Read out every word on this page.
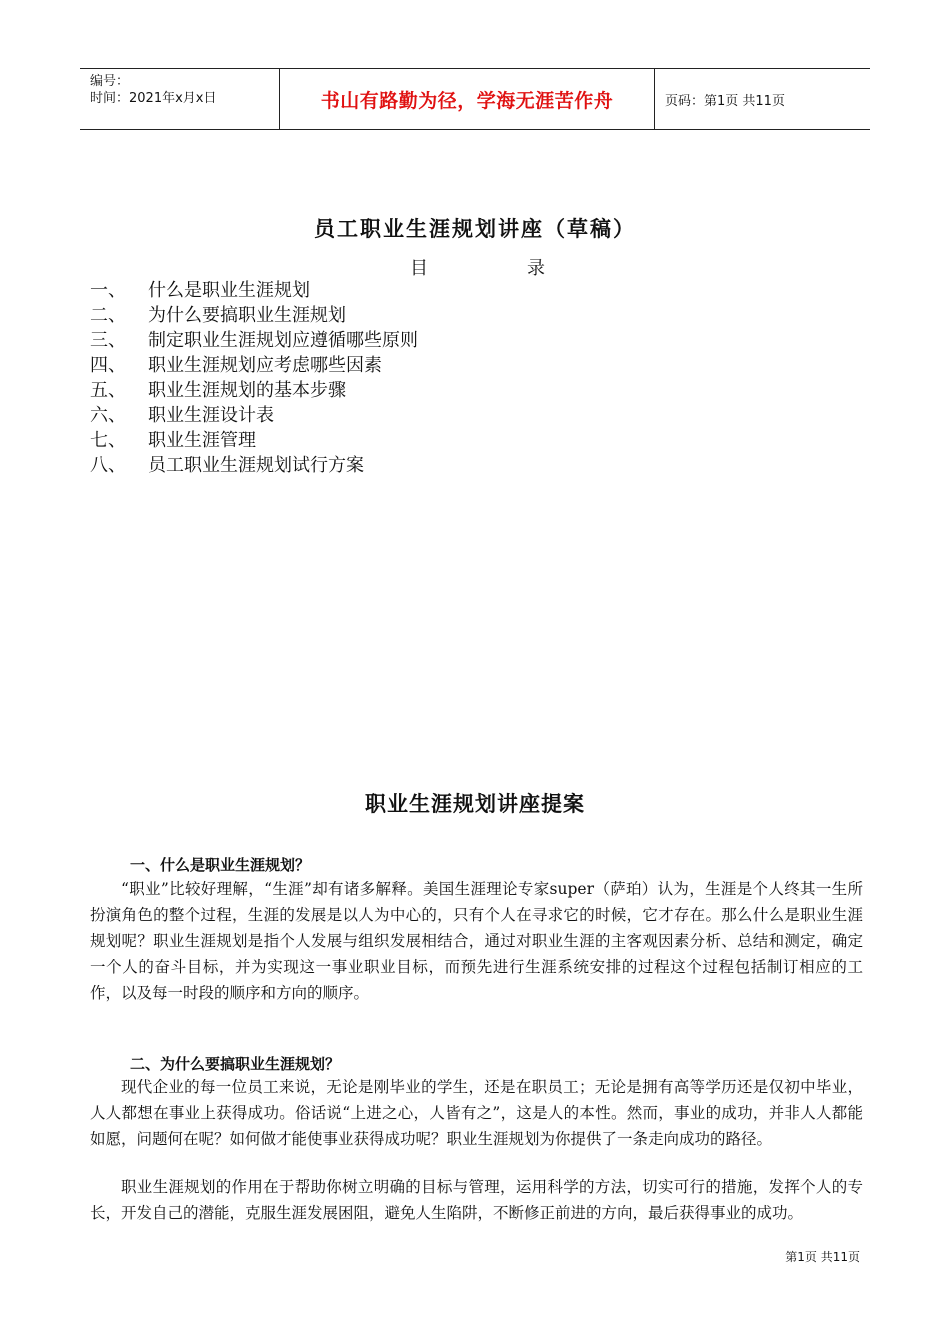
编号：
时间：2021年x月x日	书山有路勤为径，学海无涯苦作舟	页码：第1页 共11页
员工职业生涯规划讲座（草稿）
目	录
一、	什么是职业生涯规划
二、	为什么要搞职业生涯规划
三、	制定职业生涯规划应遵循哪些原则
四、	职业生涯规划应考虑哪些因素
五、	职业生涯规划的基本步骤
六、	职业生涯设计表
七、	职业生涯管理
八、	员工职业生涯规划试行方案
职业生涯规划讲座提案
一、什么是职业生涯规划？

“职业”比较好理解，“生涯”却有诸多解释。美国生涯理论专家super（萨珀）认为，生涯是个人终其一生所扮演角色的整个过程，生涯的发展是以人为中心的，只有个人在寻求它的时候，它才存在。那么什么是职业生涯规划呢？职业生涯规划是指个人发展与组织发展相结合，通过对职业生涯的主客观因素分析、总结和测定，确定一个人的奋斗目标，并为实现这一事业职业目标，而预先进行生涯系统安排的过程这个过程包括制订相应的工作，以及每一时段的顺序和方向的顺序。

二、为什么要搞职业生涯规划？

现代企业的每一位员工来说，无论是刚毕业的学生，还是在职员工；无论是拥有高等学历还是仅初中毕业，人人都想在事业上获得成功。俗话说“上进之心，人皆有之”，这是人的本性。然而，事业的成功，并非人人都能如愿，问题何在呢？如何做才能使事业获得成功呢？职业生涯规划为你提供了一条走向成功的路径。

职业生涯规划的作用在于帮助你树立明确的目标与管理，运用科学的方法，切实可行的措施，发挥个人的专长，开发自己的潜能，克服生涯发展困阻，避免人生陷阱，不断修正前进的方向，最后获得事业的成功。

第1页 共11页
